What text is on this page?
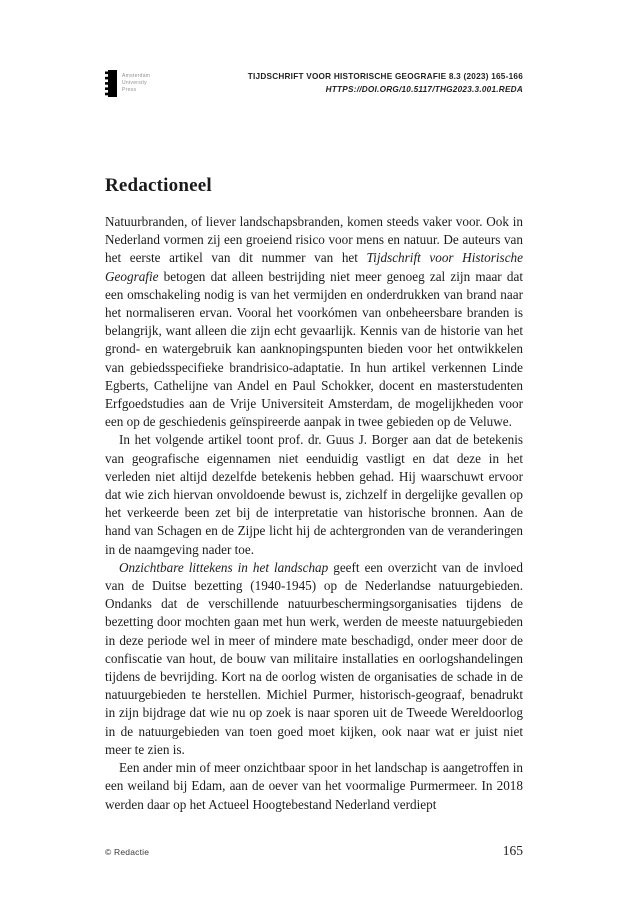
Amsterdam
University
Press
TIJDSCHRIFT VOOR HISTORISCHE GEOGRAFIE 8.3 (2023) 165-166
HTTPS://DOI.ORG/10.5117/THG2023.3.001.REDA
Redactioneel

Natuurbranden, of liever landschapsbranden, komen steeds vaker voor. Ook in Nederland vormen zij een groeiend risico voor mens en natuur. De auteurs van het eerste artikel van dit nummer van het Tijdschrift voor Historische Geografie betogen dat alleen bestrijding niet meer genoeg zal zijn maar dat een omschakeling nodig is van het vermijden en onderdrukken van brand naar het normaliseren ervan. Vooral het voorkómen van onbeheersbare branden is belangrijk, want alleen die zijn echt gevaarlijk. Kennis van de historie van het grond- en watergebruik kan aanknopingspunten bieden voor het ontwikkelen van gebiedsspecifieke brandrisico-adaptatie. In hun artikel verkennen Linde Egberts, Cathelijne van Andel en Paul Schokker, docent en masterstudenten Erfgoedstudies aan de Vrije Universiteit Amsterdam, de mogelijkheden voor een op de geschiedenis geïnspireerde aanpak in twee gebieden op de Veluwe.

In het volgende artikel toont prof. dr. Guus J. Borger aan dat de betekenis van geografische eigennamen niet eenduidig vastligt en dat deze in het verleden niet altijd dezelfde betekenis hebben gehad. Hij waarschuwt ervoor dat wie zich hiervan onvoldoende bewust is, zichzelf in dergelijke gevallen op het verkeerde been zet bij de interpretatie van historische bronnen. Aan de hand van Schagen en de Zijpe licht hij de achtergronden van de veranderingen in de naamgeving nader toe.

Onzichtbare littekens in het landschap geeft een overzicht van de invloed van de Duitse bezetting (1940-1945) op de Nederlandse natuurgebieden. Ondanks dat de verschillende natuurbeschermingsorganisaties tijdens de bezetting door mochten gaan met hun werk, werden de meeste natuurgebieden in deze periode wel in meer of mindere mate beschadigd, onder meer door de confiscatie van hout, de bouw van militaire installaties en oorlogshandelingen tijdens de bevrijding. Kort na de oorlog wisten de organisaties de schade in de natuurgebieden te herstellen. Michiel Purmer, historisch-geograaf, benadrukt in zijn bijdrage dat wie nu op zoek is naar sporen uit de Tweede Wereldoorlog in de natuurgebieden van toen goed moet kijken, ook naar wat er juist niet meer te zien is.

Een ander min of meer onzichtbaar spoor in het landschap is aangetroffen in een weiland bij Edam, aan de oever van het voormalige Purmermeer. In 2018 werden daar op het Actueel Hoogtebestand Nederland verdiept

© Redactie	165
